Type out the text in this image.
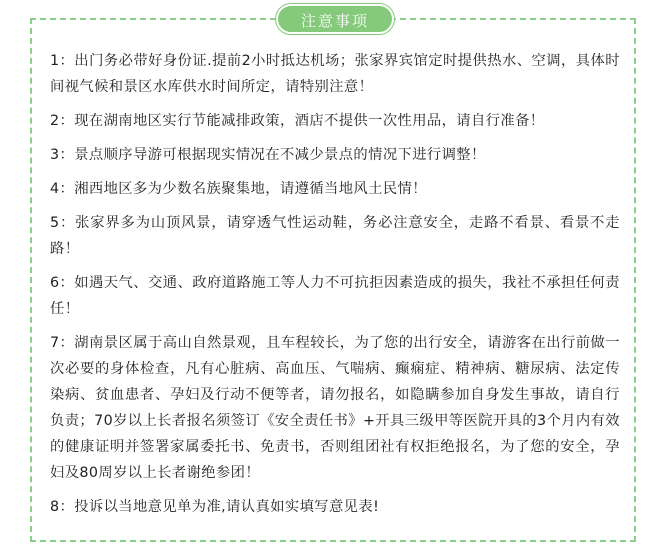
注意事项

1：出门务必带好身份证.提前2小时抵达机场；张家界宾馆定时提供热水、空调，具体时间视气候和景区水库供水时间所定，请特别注意！

2：现在湖南地区实行节能减排政策，酒店不提供一次性用品，请自行准备！

3：景点顺序导游可根据现实情况在不减少景点的情况下进行调整！

4：湘西地区多为少数名族聚集地，请遵循当地风土民情！

5：张家界多为山顶风景，请穿透气性运动鞋，务必注意安全，走路不看景、看景不走路！

6：如遇天气、交通、政府道路施工等人力不可抗拒因素造成的损失，我社不承担任何责任！

7：湖南景区属于高山自然景观，且车程较长，为了您的出行安全，请游客在出行前做一次必要的身体检查，凡有心脏病、高血压、气喘病、癫痫症、精神病、糖尿病、法定传染病、贫血患者、孕妇及行动不便等者，请勿报名，如隐瞒参加自身发生事故，请自行负责；70岁以上长者报名须签订《安全责任书》+开具三级甲等医院开具的3个月内有效的健康证明并签署家属委托书、免责书，否则组团社有权拒绝报名，为了您的安全，孕妇及80周岁以上长者谢绝参团！

8：投诉以当地意见单为准,请认真如实填写意见表!
